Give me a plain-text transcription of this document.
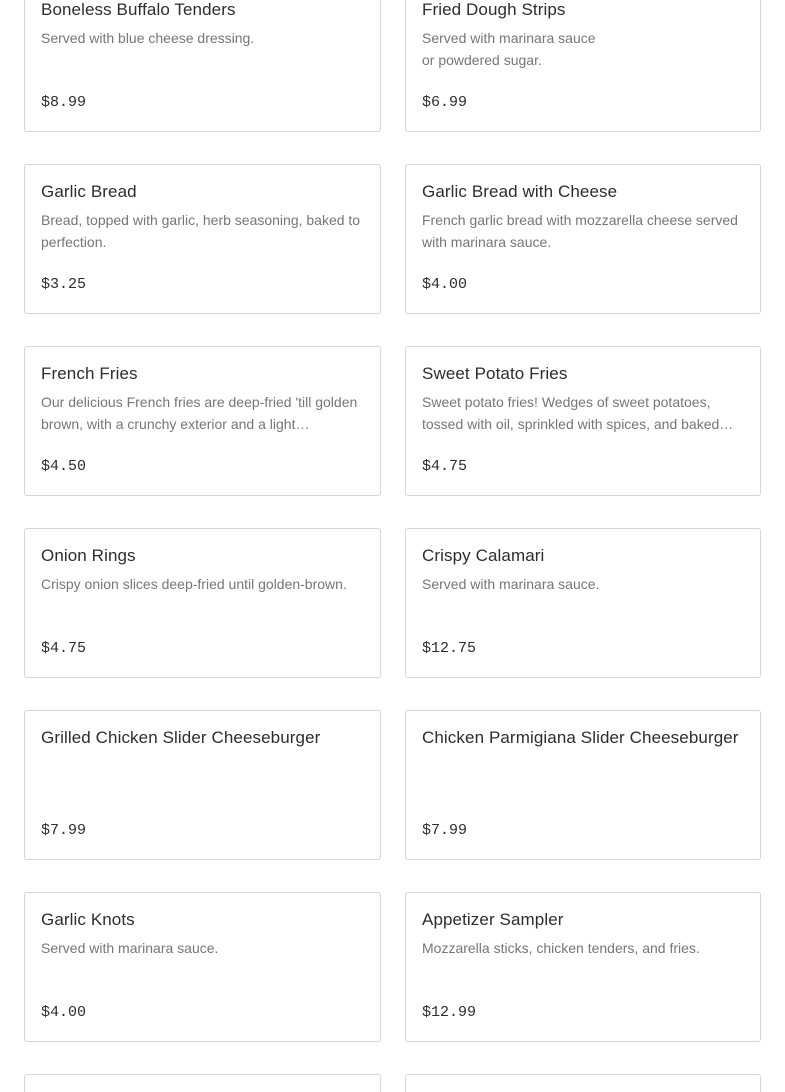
Boneless Buffalo Tenders
Served with blue cheese dressing.
$8.99
Fried Dough Strips
Served with marinara sauce
or powdered sugar.
$6.99
Garlic Bread
Bread, topped with garlic, herb seasoning, baked to perfection.
$3.25
Garlic Bread with Cheese
French garlic bread with mozzarella cheese served with marinara sauce.
$4.00
French Fries
Our delicious French fries are deep-fried 'till golden brown, with a crunchy exterior and a light…
$4.50
Sweet Potato Fries
Sweet potato fries! Wedges of sweet potatoes, tossed with oil, sprinkled with spices, and baked…
$4.75
Onion Rings
Crispy onion slices deep-fried until golden-brown.
$4.75
Crispy Calamari
Served with marinara sauce.
$12.75
Grilled Chicken Slider Cheeseburger
$7.99
Chicken Parmigiana Slider Cheeseburger
$7.99
Garlic Knots
Served with marinara sauce.
$4.00
Appetizer Sampler
Mozzarella sticks, chicken tenders, and fries.
$12.99
